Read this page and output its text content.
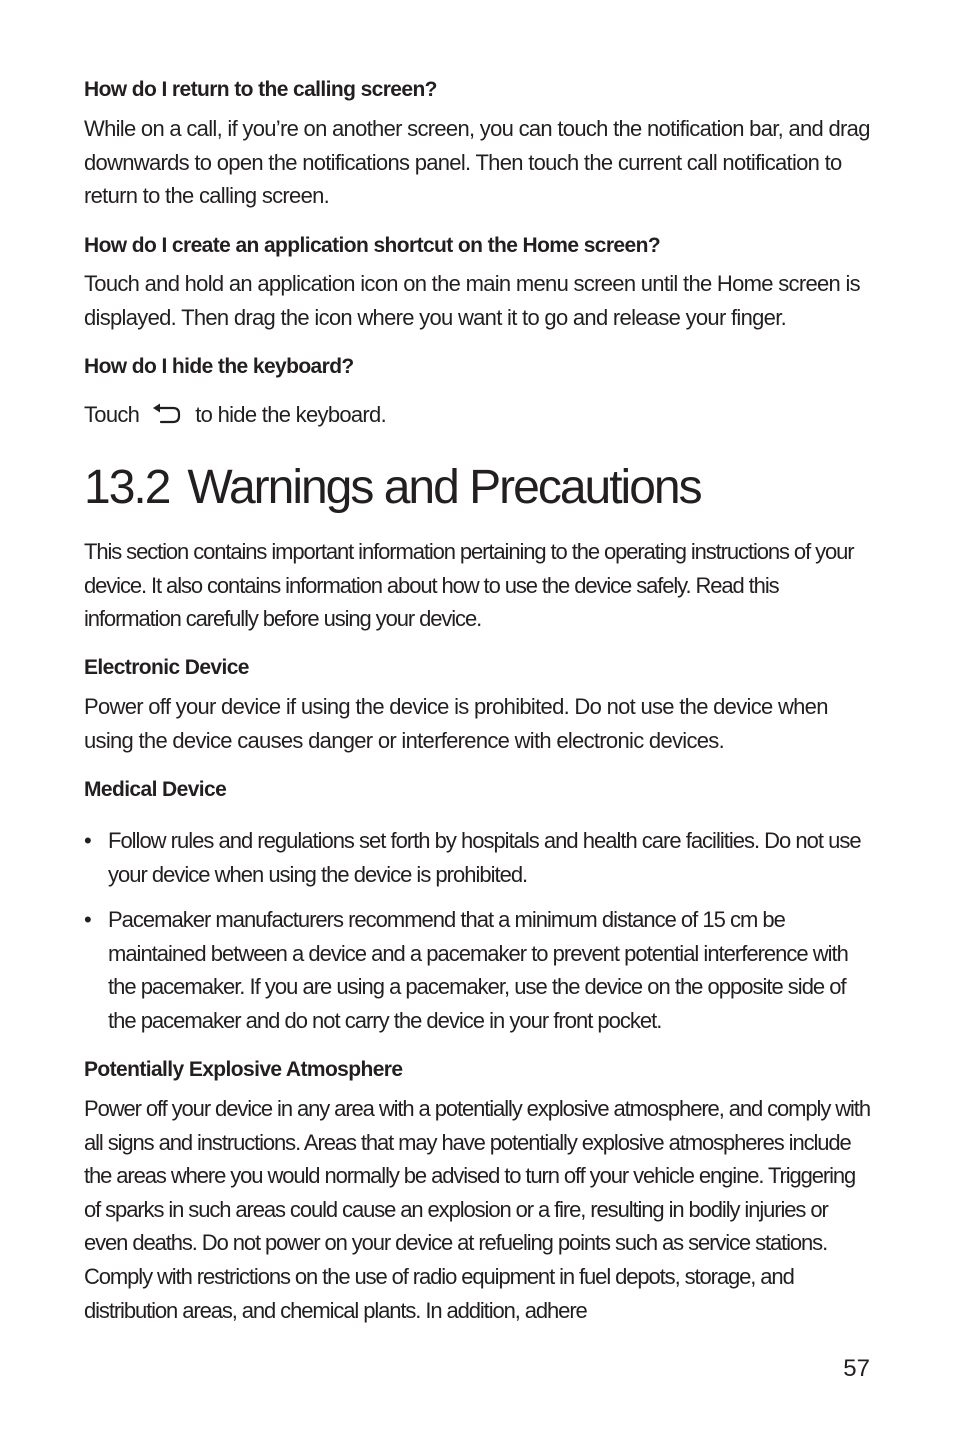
How do I return to the calling screen?
While on a call, if you’re on another screen, you can touch the notification bar, and drag downwards to open the notifications panel. Then touch the current call notification to return to the calling screen.
How do I create an application shortcut on the Home screen?
Touch and hold an application icon on the main menu screen until the Home screen is displayed. Then drag the icon where you want it to go and release your finger.
How do I hide the keyboard?
Touch	to hide the keyboard.
13.2 Warnings and Precautions
This section contains important information pertaining to the operating instructions of your device. It also contains information about how to use the device safely. Read this information carefully before using your device.
Electronic Device
Power off your device if using the device is prohibited. Do not use the device when using the device causes danger or interference with electronic devices.
Medical Device
• Follow rules and regulations set forth by hospitals and health care facilities. Do not use your device when using the device is prohibited.
• Pacemaker manufacturers recommend that a minimum distance of 15 cm be maintained between a device and a pacemaker to prevent potential interference with the pacemaker. If you are using a pacemaker, use the device on the opposite side of the pacemaker and do not carry the device in your front pocket.
Potentially Explosive Atmosphere
Power off your device in any area with a potentially explosive atmosphere, and comply with all signs and instructions. Areas that may have potentially explosive atmospheres include the areas where you would normally be advised to turn off your vehicle engine. Triggering of sparks in such areas could cause an explosion or a fire, resulting in bodily injuries or even deaths. Do not power on your device at refueling points such as service stations. Comply with restrictions on the use of radio equipment in fuel depots, storage, and distribution areas, and chemical plants. In addition, adhere
57
